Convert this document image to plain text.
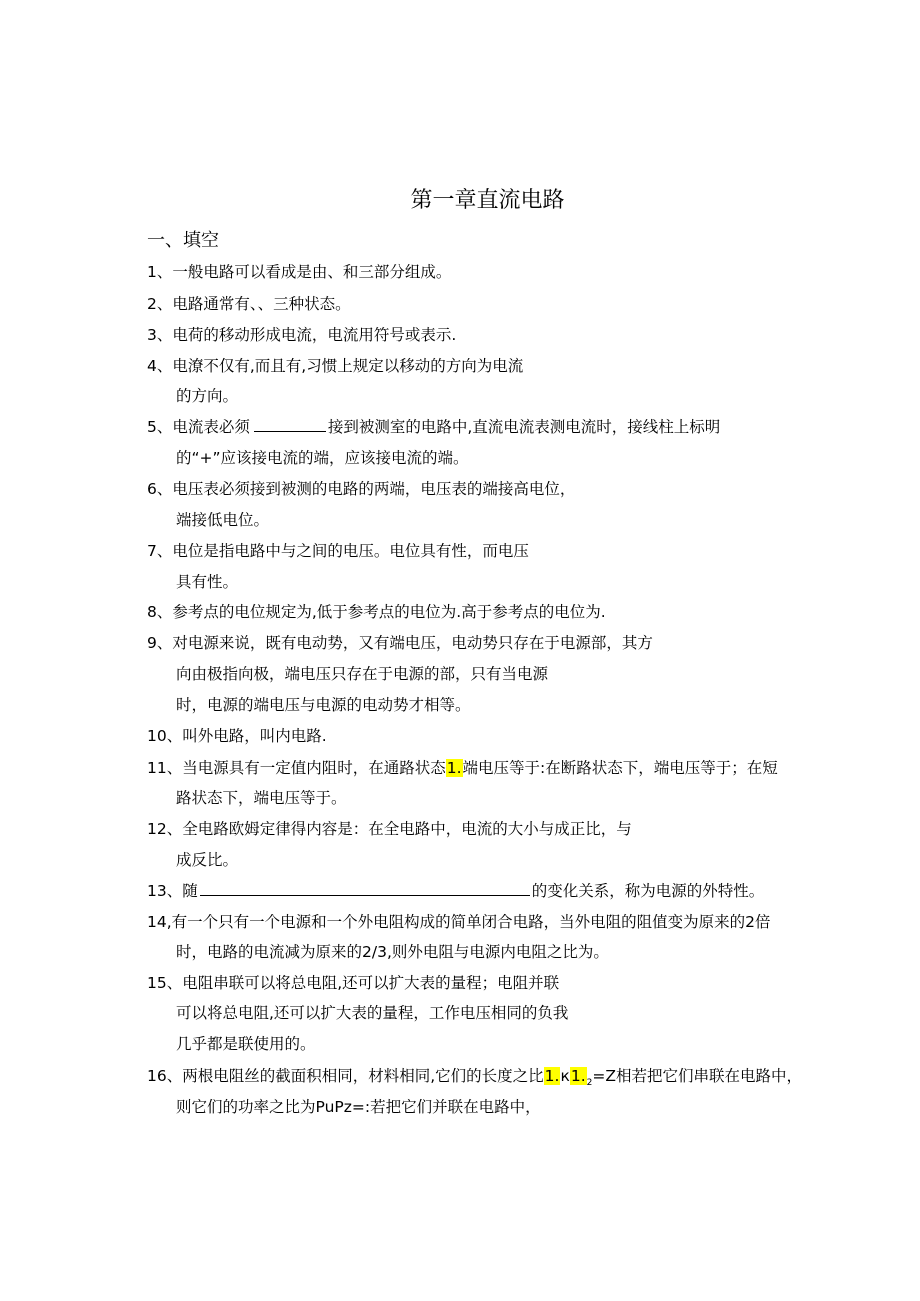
第一章直流电路
一、填空
1、一般电路可以看成是由、和三部分组成。
2、电路通常有、、三种状态。
3、电荷的移动形成电流，电流用符号或表示.
4、电潦不仅有,而且有,习惯上规定以移动的方向为电流
的方向。
5、电流表必须	接到被测室的电路中,直流电流表测电流时，接线柱上标明
的“+”应该接电流的端，应该接电流的端。
6、电压表必须接到被测的电路的两端，电压表的端接高电位，
端接低电位。
7、电位是指电路中与之间的电压。电位具有性，而电压
具有性。
8、参考点的电位规定为,低于参考点的电位为.高于参考点的电位为.
9、对电源来说，既有电动势，又有端电压，电动势只存在于电源部，其方
向由极指向极，端电压只存在于电源的部，只有当电源
时，电源的端电压与电源的电动势才相等。
10、叫外电路，叫内电路.
11、当电源具有一定值内阻时，在通路状态1.端电压等于:在断路状态下，端电压等于；在短
路状态下，端电压等于。
12、全电路欧姆定律得内容是：在全电路中，电流的大小与成正比，与
成反比。
13、随	的变化关系，称为电源的外特性。
14,有一个只有一个电源和一个外电阻构成的简单闭合电路，当外电阻的阻值变为原来的2倍
时，电路的电流减为原来的2/3,则外电阻与电源内电阻之比为。
15、电阻串联可以将总电阻,还可以扩大表的量程；电阻并联
可以将总电阻,还可以扩大表的量程，工作电压相同的负我
几乎都是联使用的。
16、两根电阻丝的截面积相同，材料相同,它们的长度之比$1.к1._2=Z$相若把它们串联在电路中，
则它们的功率之比为PuPz=:若把它们并联在电路中，
